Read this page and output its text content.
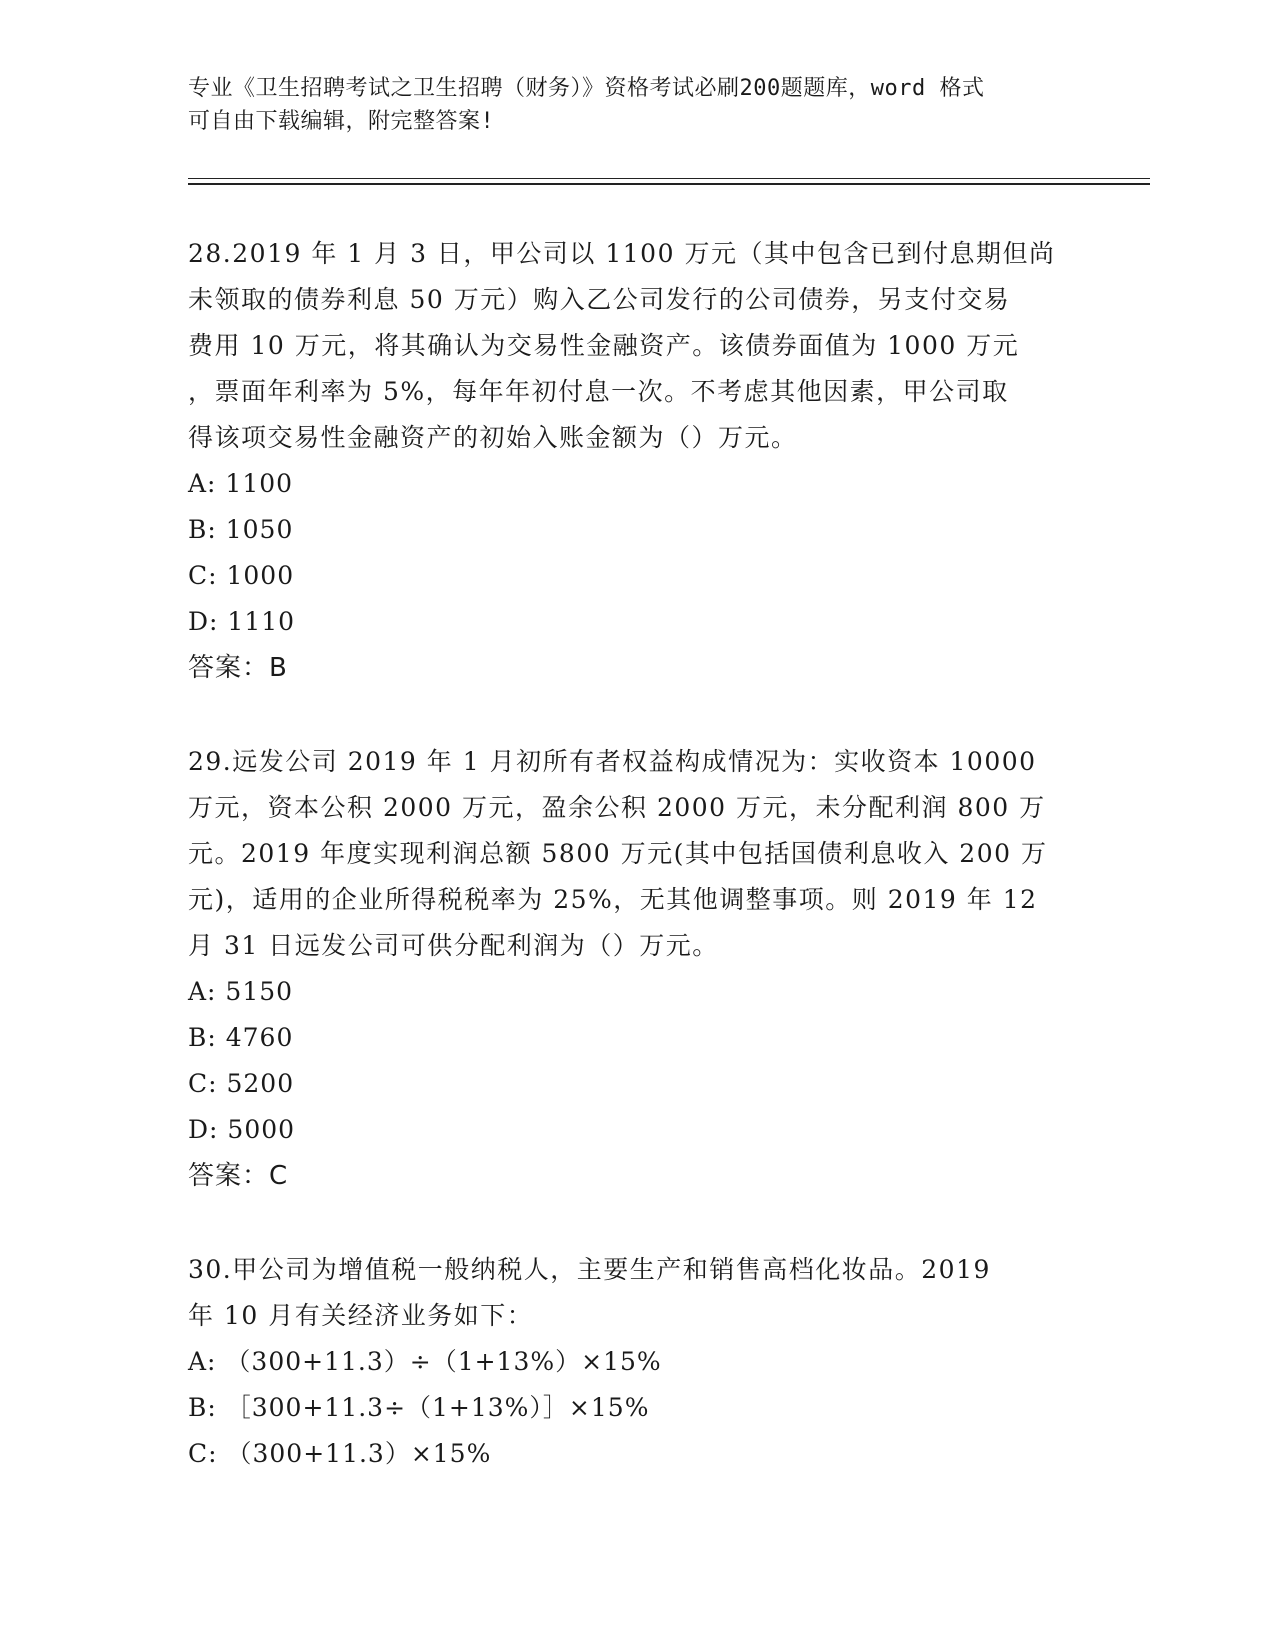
专业《卫生招聘考试之卫生招聘（财务）》资格考试必刷200题题库，word 格式
可自由下载编辑，附完整答案!
28.2019 年 1 月 3 日，甲公司以 1100 万元（其中包含已到付息期但尚
未领取的债券利息 50 万元）购入乙公司发行的公司债券，另支付交易
费用 10 万元，将其确认为交易性金融资产。该债券面值为 1000 万元
，票面年利率为 5%，每年年初付息一次。不考虑其他因素，甲公司取
得该项交易性金融资产的初始入账金额为（）万元。
A: 1100
B: 1050
C: 1000
D: 1110
答案：B
29.远发公司 2019 年 1 月初所有者权益构成情况为：实收资本 10000
万元，资本公积 2000 万元，盈余公积 2000 万元，未分配利润 800 万
元。2019 年度实现利润总额 5800 万元(其中包括国债利息收入 200 万
元)，适用的企业所得税税率为 25%，无其他调整事项。则 2019 年 12
月 31 日远发公司可供分配利润为（）万元。
A: 5150
B: 4760
C: 5200
D: 5000
答案：C
30.甲公司为增值税一般纳税人，主要生产和销售高档化妆品。2019
年 10 月有关经济业务如下：
A: （300+11.3）÷（1+13%）×15%
B: ［300+11.3÷（1+13%）］×15%
C: （300+11.3）×15%
